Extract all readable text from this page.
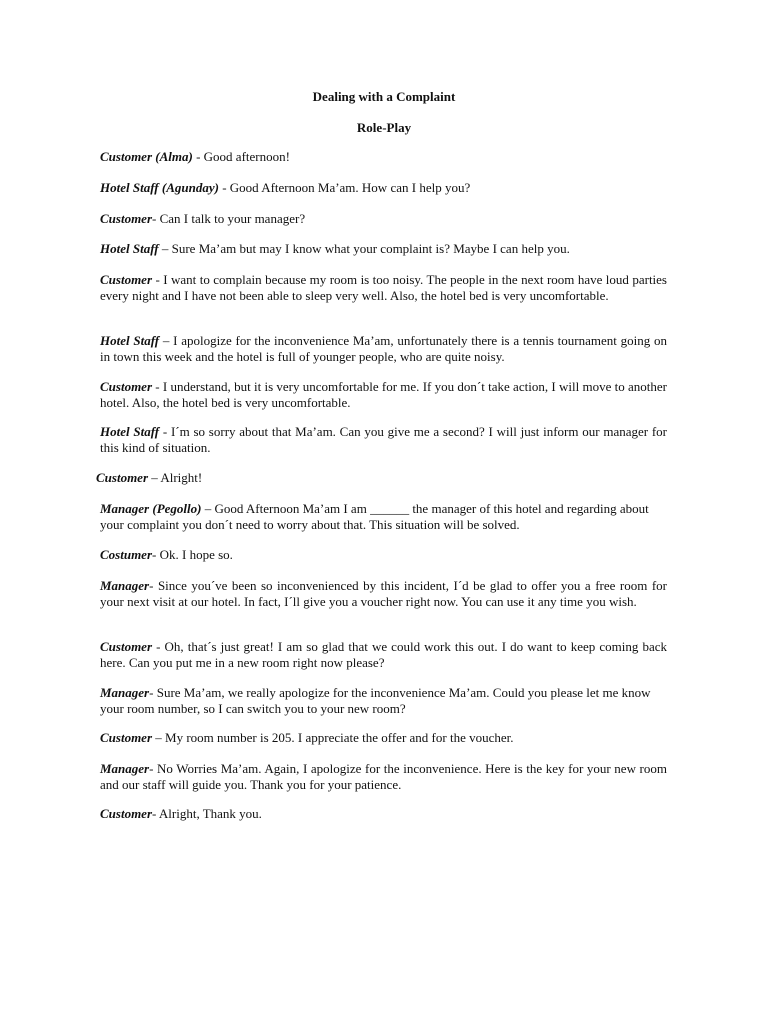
Dealing with a Complaint
Role-Play

Customer (Alma) - Good afternoon!

Hotel Staff (Agunday) - Good Afternoon Ma’am. How can I help you?

Customer- Can I talk to your manager?

Hotel Staff – Sure Ma’am but may I know what your complaint is? Maybe I can help you.

Customer - I want to complain because my room is too noisy. The people in the next room have loud parties every night and I have not been able to sleep very well. Also, the hotel bed is very uncomfortable.

Hotel Staff – I apologize for the inconvenience Ma’am, unfortunately there is a tennis tournament going on in town this week and the hotel is full of younger people, who are quite noisy.

Customer - I understand, but it is very uncomfortable for me. If you don´t take action, I will move to another hotel. Also, the hotel bed is very uncomfortable.

Hotel Staff - I´m so sorry about that Ma’am. Can you give me a second? I will just inform our manager for this kind of situation.

Customer – Alright!

Manager (Pegollo) – Good Afternoon Ma’am I am ______ the manager of this hotel and regarding about your complaint you don´t need to worry about that. This situation will be solved.

Costumer- Ok. I hope so.

Manager- Since you´ve been so inconvenienced by this incident, I´d be glad to offer you a free room for your next visit at our hotel. In fact, I´ll give you a voucher right now. You can use it any time you wish.

Customer - Oh, that´s just great! I am so glad that we could work this out. I do want to keep coming back here. Can you put me in a new room right now please?

Manager- Sure Ma’am, we really apologize for the inconvenience Ma’am. Could you please let me know your room number, so I can switch you to your new room?

Customer – My room number is 205. I appreciate the offer and for the voucher.

Manager- No Worries Ma’am. Again, I apologize for the inconvenience. Here is the key for your new room and our staff will guide you. Thank you for your patience.

Customer- Alright, Thank you.
